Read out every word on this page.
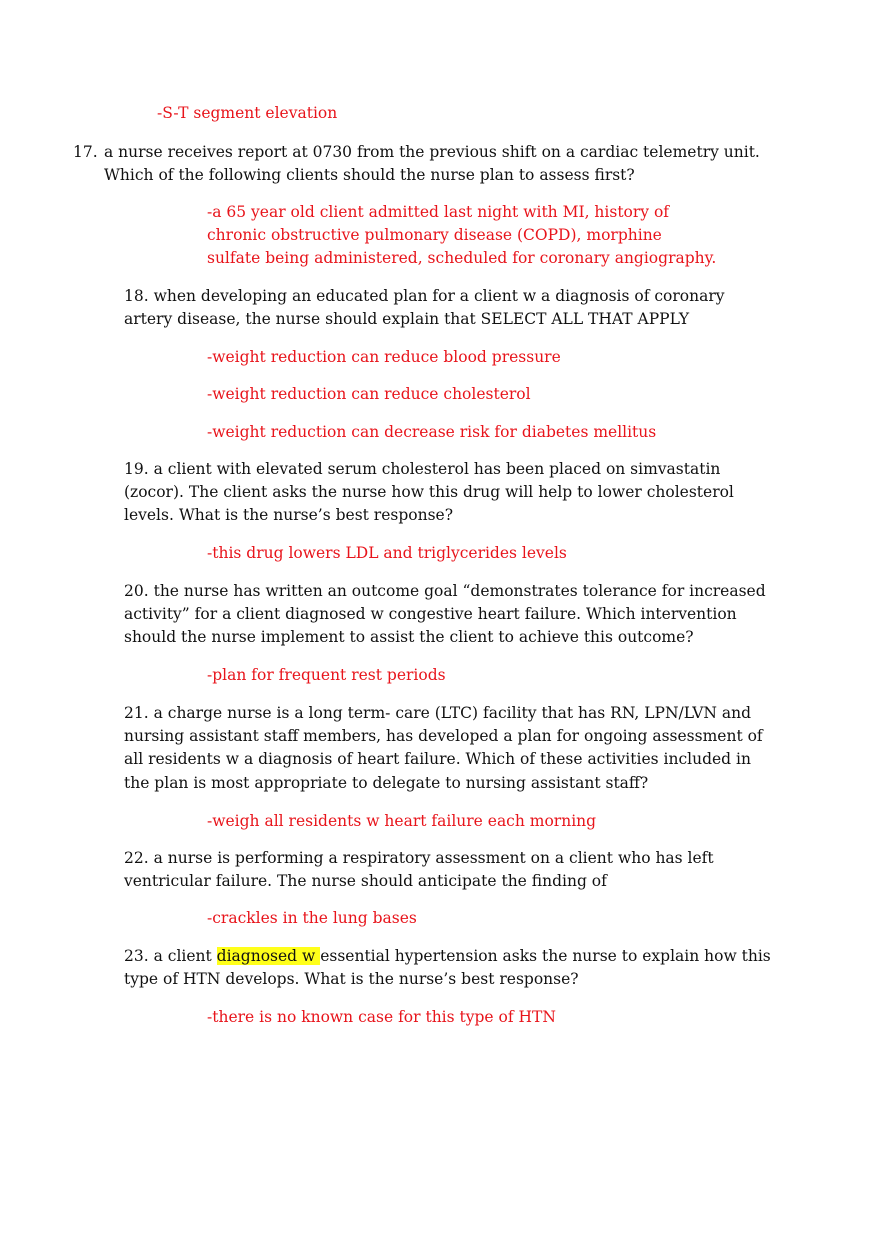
-S-T segment elevation

17. a nurse receives report at 0730 from the previous shift on a cardiac telemetry unit. Which of the following clients should the nurse plan to assess first?

-a 65 year old client admitted last night with MI, history of chronic obstructive pulmonary disease (COPD), morphine sulfate being administered, scheduled for coronary angiography.

18. when developing an educated plan for a client w a diagnosis of coronary artery disease, the nurse should explain that SELECT ALL THAT APPLY

-weight reduction can reduce blood pressure

-weight reduction can reduce cholesterol

-weight reduction can decrease risk for diabetes mellitus

19. a client with elevated serum cholesterol has been placed on simvastatin (zocor). The client asks the nurse how this drug will help to lower cholesterol levels. What is the nurse’s best response?

-this drug lowers LDL and triglycerides levels

20. the nurse has written an outcome goal “demonstrates tolerance for increased activity” for a client diagnosed w congestive heart failure. Which intervention should the nurse implement to assist the client to achieve this outcome?

-plan for frequent rest periods

21. a charge nurse is a long term- care (LTC) facility that has RN, LPN/LVN and nursing assistant staff members, has developed a plan for ongoing assessment of all residents w a diagnosis of heart failure. Which of these activities included in the plan is most appropriate to delegate to nursing assistant staff?

-weigh all residents w heart failure each morning

22. a nurse is performing a respiratory assessment on a client who has left ventricular failure. The nurse should anticipate the finding of

-crackles in the lung bases

23. a client diagnosed w essential hypertension asks the nurse to explain how this type of HTN develops. What is the nurse’s best response?

-there is no known case for this type of HTN
